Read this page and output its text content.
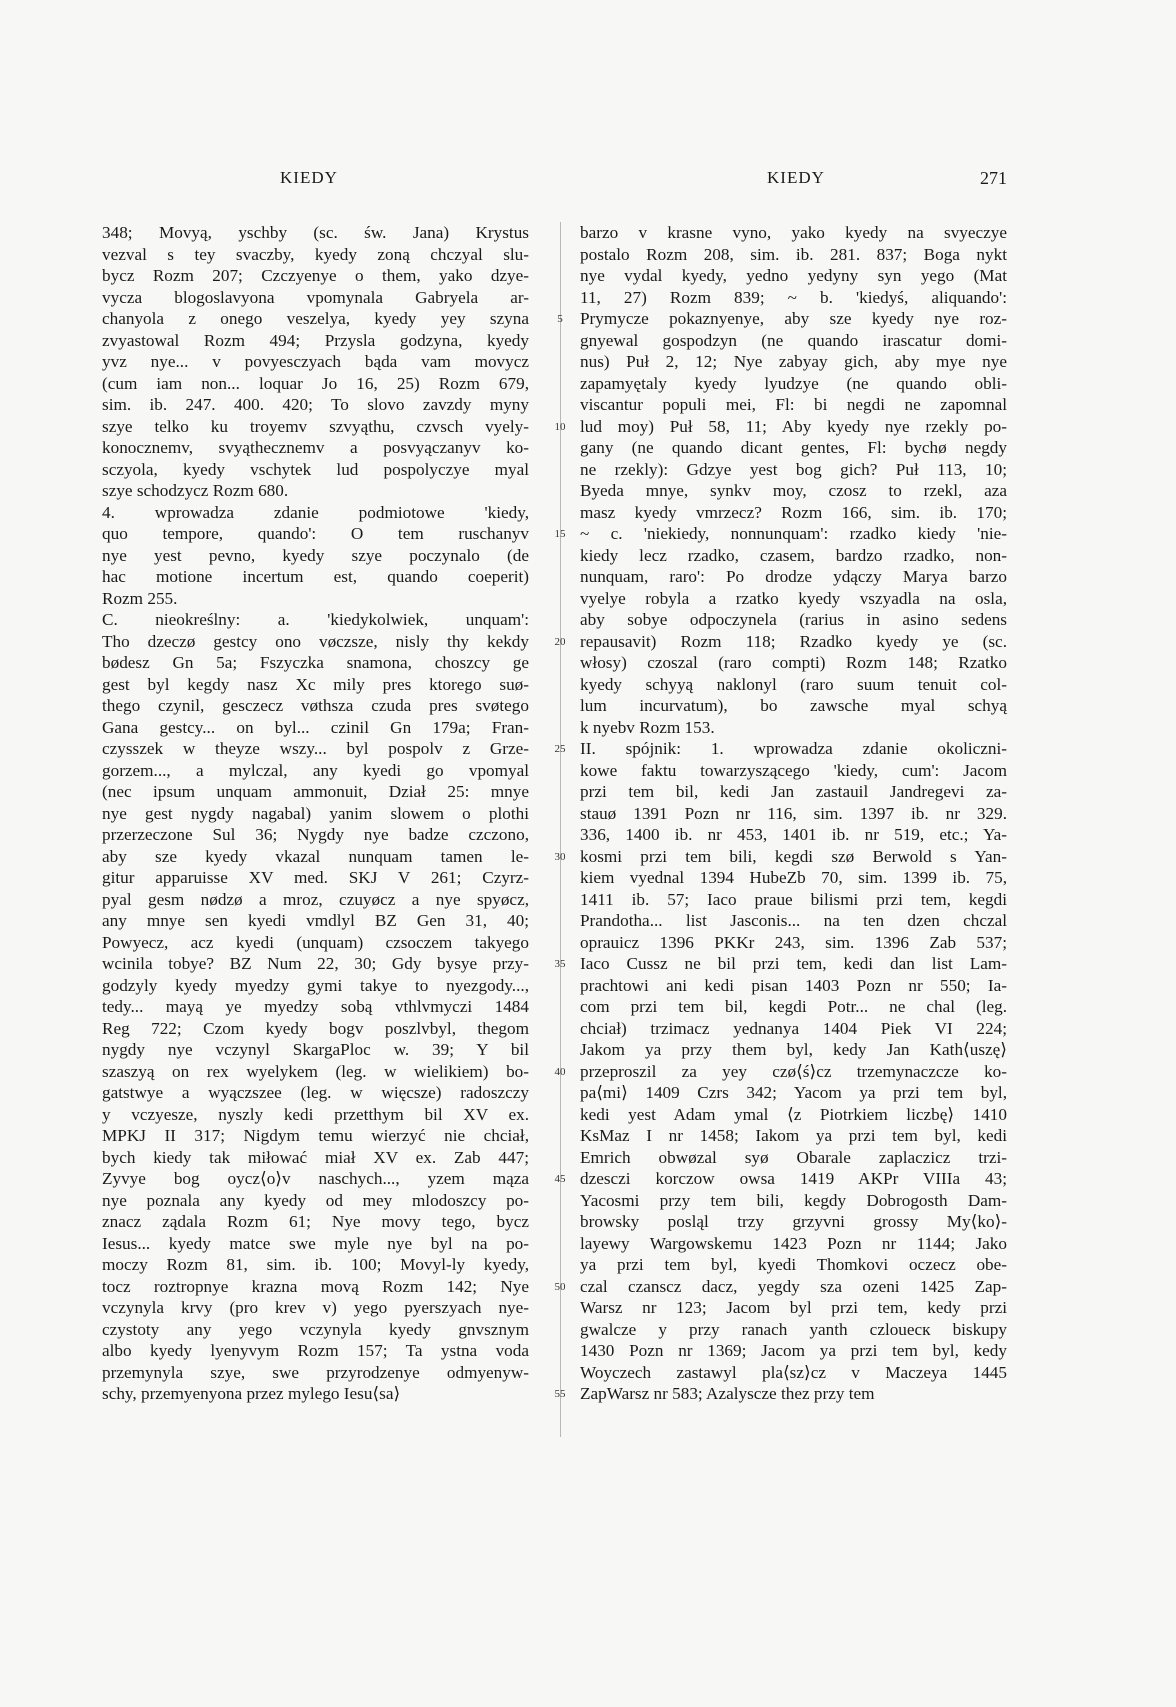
KIEDY	KIEDY	271
348; Movyą, yschby (sc. św. Jana) Krystus
vezval s tey svaczby, kyedy zoną chczyal slu-
bycz Rozm 207; Czczyenye o them, yako dzye-
vycza blogoslavyona vpomynala Gabryela ar-
chanyola z onego veszelya, kyedy yey szyna
zvyastowal Rozm 494; Przysla godzyna, kyedy
yvz nye... v povyesczyach bąda vam movycz
(cum iam non... loquar Jo 16, 25) Rozm 679,
sim. ib. 247. 400. 420; To slovo zavzdy myny
szye telko ku troyemv szvyąthu, czvsch vyely-
konocznemv, svyąthecznemv a posvyączanyv ko-
sczyola, kyedy vschytek lud pospolyczye myal
szye schodzycz Rozm 680.
4. wprowadza zdanie podmiotowe 'kiedy,
quo tempore, quando': O tem ruschanyv
nye yest pevno, kyedy szye poczynalo (de
hac motione incertum est, quando coeperit)
Rozm 255.
C. nieokreślny: a. 'kiedykolwiek, unquam':
Tho dzeczø gestcy ono vøczsze, nisly thy kekdy
bødesz Gn 5a; Fszyczka snamona, choszcy ge
gest byl kegdy nasz Xc mily pres ktorego suø-
thego czynil, gesczecz vøthsza czuda pres svøtego
Gana gestcy... on byl... czinil Gn 179a; Fran-
czysszek w theyze wszy... byl pospolv z Grze-
gorzem..., a mylczal, any kyedi go vpomyal
(nec ipsum unquam ammonuit, Dział 25: mnye
nye gest nygdy nagabal) yanim slowem o plothi
przerzeczone Sul 36; Nygdy nye badze czczono,
aby sze kyedy vkazal nunquam tamen le-
gitur apparuisse XV med. SKJ V 261; Czyrz-
pyal gesm nødzø a mroz, czuyøcz a nye spyøcz,
any mnye sen kyedi vmdlyl BZ Gen 31, 40;
Powyecz, acz kyedi (unquam) czsoczem takyego
wcinila tobye? BZ Num 22, 30; Gdy bysye przy-
godzyly kyedy myedzy gymi takye to nyezgody...,
tedy... mayą ye myedzy sobą vthlvmyczi 1484
Reg 722; Czom kyedy bogv poszlvbyl, thegom
nygdy nye vczynyl SkargaPloc w. 39; Y bil
szaszyą on rex wyelykem (leg. w wielikiem) bo-
gatstwye a wyączszee (leg. w więcsze) radoszczy
y vczyesze, nyszly kedi przetthym bil XV ex.
MPKJ II 317; Nigdym temu wierzyć nie chciał,
bych kiedy tak miłować miał XV ex. Zab 447;
Zyvye bog oycz⟨o⟩v naschych..., yzem mąza
nye poznala any kyedy od mey mlodoszcy po-
znacz ządala Rozm 61; Nye movy tego, bycz
Iesus... kyedy matce swe myle nye byl na po-
moczy Rozm 81, sim. ib. 100; Movyl-ly kyedy,
tocz roztropnye krazna movą Rozm 142; Nye
vczynyla krvy (pro krev v) yego pyerszyach nye-
czystoty any yego vczynyla kyedy gnvsznym
albo kyedy lyenyvym Rozm 157; Ta ystna voda
przemynyla szye, swe przyrodzenye odmyenyw-
schy, przemyenyona przez mylego Iesu⟨sa⟩
5
10
15
20
25
30
35
40
45
50
55
barzo v krasne vyno, yako kyedy na svyeczye
postalo Rozm 208, sim. ib. 281. 837; Boga nykt
nye vydal kyedy, yedno yedyny syn yego (Mat
11, 27) Rozm 839; ~ b. 'kiedyś, aliquando':
Prymycze pokaznyenye, aby sze kyedy nye roz-
gnyewal gospodzyn (ne quando irascatur domi-
nus) Puł 2, 12; Nye zabyay gich, aby mye nye
zapamyętaly kyedy lyudzye (ne quando obli-
viscantur populi mei, Fl: bi negdi ne zapomnal
lud moy) Puł 58, 11; Aby kyedy nye rzekly po-
gany (ne quando dicant gentes, Fl: bychø negdy
ne rzekly): Gdzye yest bog gich? Puł 113, 10;
Byeda mnye, synkv moy, czosz to rzekl, aza
masz kyedy vmrzecz? Rozm 166, sim. ib. 170;
~ c. 'niekiedy, nonnunquam': rzadko kiedy 'nie-
kiedy lecz rzadko, czasem, bardzo rzadko, non-
nunquam, raro': Po drodze ydączy Marya barzo
vyelye robyla a rzatko kyedy vszyadla na osla,
aby sobye odpoczynela (rarius in asino sedens
repausavit) Rozm 118; Rzadko kyedy ye (sc.
włosy) czoszal (raro compti) Rozm 148; Rzatko
kyedy schyyą naklonyl (raro suum tenuit col-
lum incurvatum), bo zawsche myal schyą
k nyebv Rozm 153.
II. spójnik: 1. wprowadza zdanie okoliczni-
kowe faktu towarzyszącego 'kiedy, cum': Jacom
przi tem bil, kedi Jan zastauil Jandregevi za-
stauø 1391 Pozn nr 116, sim. 1397 ib. nr 329.
336, 1400 ib. nr 453, 1401 ib. nr 519, etc.; Ya-
kosmi przi tem bili, kegdi szø Berwold s Yan-
kiem vyednal 1394 HubeZb 70, sim. 1399 ib. 75,
1411 ib. 57; Iaco praue bilismi przi tem, kegdi
Prandotha... list Jasconis... na ten dzen chczal
oprauicz 1396 PKKr 243, sim. 1396 Zab 537;
Iaco Cussz ne bil przi tem, kedi dan list Lam-
prachtowi ani kedi pisan 1403 Pozn nr 550; Ia-
com przi tem bil, kegdi Potr... ne chal (leg.
chciał) trzimacz yednanya 1404 Piek VI 224;
Jakom ya przy them byl, kedy Jan Kath⟨uszę⟩
przeproszil za yey czø⟨ś⟩cz trzemynaczcze ko-
pa⟨mi⟩ 1409 Czrs 342; Yacom ya przi tem byl,
kedi yest Adam ymal ⟨z Piotrkiem liczbę⟩ 1410
KsMaz I nr 1458; Iakom ya przi tem byl, kedi
Emrich obwøzal syø Obarale zaplaczicz trzi-
dzesczi korczow owsa 1419 AKPr VIIIa 43;
Yacosmi przy tem bili, kegdy Dobrogosth Dam-
browsky posląl trzy grzyvni grossy My⟨ko⟩-
layewy Wargowskemu 1423 Pozn nr 1144; Jako
ya przi tem byl, kyedi Thomkovi oczecz obe-
czal czanscz dacz, yegdy sza ozeni 1425 Zap-
Warsz nr 123; Jacom byl przi tem, kedy przi
gwalcze y przy ranach yanth czlouecк biskupy
1430 Pozn nr 1369; Jacom ya przi tem byl, kedy
Woyczech zastawyl pla⟨sz⟩cz v Maczeya 1445
ZapWarsz nr 583; Azalyscze thez przy tem
